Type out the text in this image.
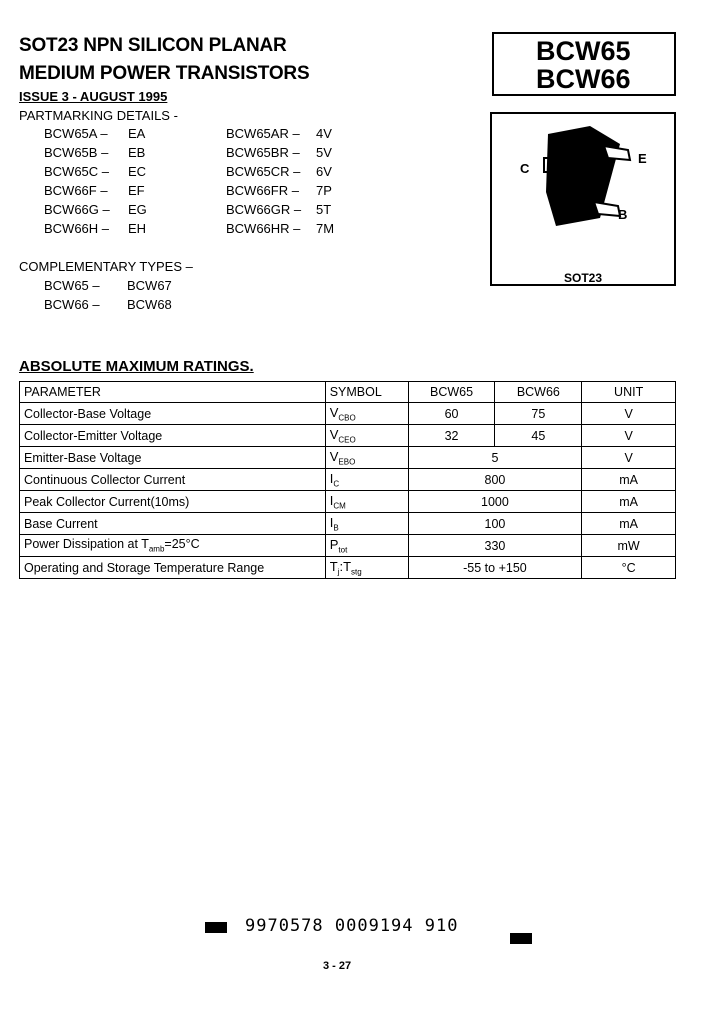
SOT23 NPN SILICON PLANAR
MEDIUM POWER TRANSISTORS
ISSUE 3 - AUGUST 1995
BCW65
BCW66
PARTMARKING DETAILS -
BCW65A –	EA
BCW65B –	EB
BCW65C –	EC
BCW66F –	EF
BCW66G –	EG
BCW66H –	EH
BCW65AR –	4V
BCW65BR –	5V
BCW65CR –	6V
BCW66FR –	7P
BCW66GR –	5T
BCW66HR –	7M
COMPLEMENTARY TYPES –
BCW65 – BCW67
BCW66 – BCW68
C
E
B
SOT23
ABSOLUTE MAXIMUM RATINGS.
PARAMETER	SYMBOL	BCW65	BCW66	UNIT
Collector-Base Voltage	$V_{CBO}$	60	75	V
Collector-Emitter Voltage	$V_{CEO}$	32	45	V
Emitter-Base Voltage	$V_{EBO}$	5		V
Continuous Collector Current	$I_C$	800		mA
Peak Collector Current(10ms)	$I_{CM}$	1000		mA
Base Current	$I_B$	100		mA
Power Dissipation at $T_{amb}=25^\circ C$	$P_{tot}$	330		mW
Operating and Storage Temperature Range	$T_j:T_{stg}$	-55 to +150		°C
9970578 0009194 910
3 - 27
